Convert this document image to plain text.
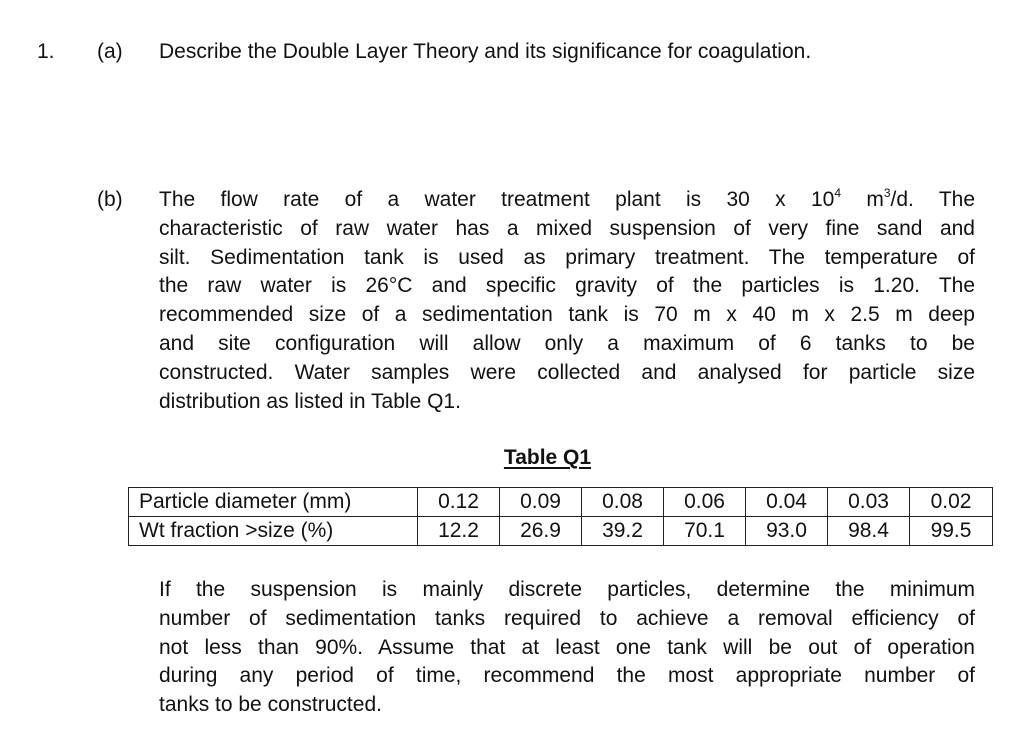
1. (a) Describe the Double Layer Theory and its significance for coagulation.
(b) The flow rate of a water treatment plant is 30 x $10^4$ $m^3/d$. The
characteristic of raw water has a mixed suspension of very fine sand and
silt. Sedimentation tank is used as primary treatment. The temperature of
the raw water is 26°C and specific gravity of the particles is 1.20. The
recommended size of a sedimentation tank is 70 m x 40 m x 2.5 m deep
and site configuration will allow only a maximum of 6 tanks to be
constructed. Water samples were collected and analysed for particle size
distribution as listed in Table Q1.
Table Q1
Particle diameter (mm)	0.12	0.09	0.08	0.06	0.04	0.03	0.02
Wt fraction >size (%)	12.2	26.9	39.2	70.1	93.0	98.4	99.5
If the suspension is mainly discrete particles, determine the minimum
number of sedimentation tanks required to achieve a removal efficiency of
not less than 90%. Assume that at least one tank will be out of operation
during any period of time, recommend the most appropriate number of
tanks to be constructed.
